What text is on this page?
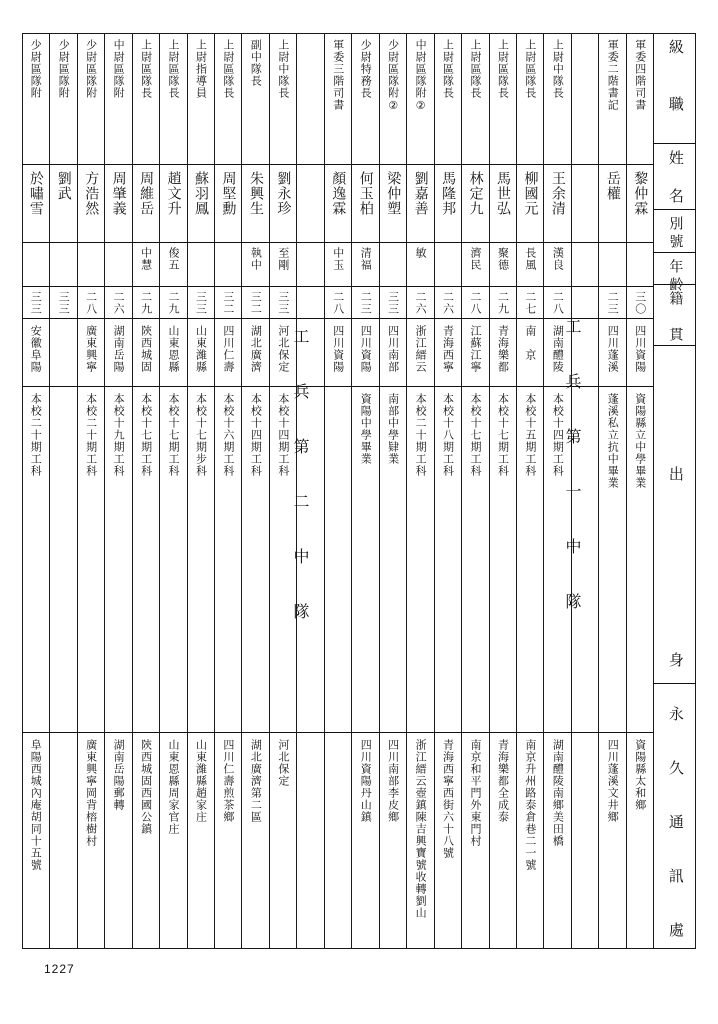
級　　職
姓　名
別號
年齡
籍　貫
出　　　　　身
永　久　通　訊　處
軍委四階司書
黎仲霖
三〇
四川資陽
資陽縣立中學畢業
資陽縣太和鄉
軍委二階書記
岳權
二三
四川蓬溪
蓬溪私立抗中畢業
四川蓬溪文井鄉
上尉中隊長
王余清
漢良
二八
湖南醴陵
本校十四期工科
湖南醴陵南鄉美田橋
上尉區隊長
柳國元
長風
二七
南　京
本校十五期工科
南京升州路泰倉巷二一號
上尉區隊長
馬世弘
聚德
二九
青海樂都
本校十七期工科
青海樂都全成泰
上尉區隊長
林定九
濟民
二八
江蘇江寧
本校十七期工科
南京和平門外東門村
上尉區隊長
馬隆邦
二六
青海西寧
本校十八期工科
青海西寧西街六十八號
中尉區隊附②
劉嘉善
敏
二六
浙江縉云
本校二十期工科
浙江縉云壺鎮陳吉興寶號收轉劉山
少尉區隊附②
梁仲塑
三三
四川南部
南部中學肄業
四川南部李皮鄉
少尉特務長
何玉柏
清福
二三
四川資陽
資陽中學畢業
四川資陽丹山鎮
軍委三階司書
顏逸霖
中玉
二八
四川資陽
上尉中隊長
劉永珍
至剛
三三
河北保定
本校十四期工科
河北保定
副中隊長
朱興生
執中
三二
湖北廣濟
本校十四期工科
湖北廣濟第二區
上尉區隊長
周堅勳
三二
四川仁壽
本校十六期工科
四川仁壽煎茶鄉
上尉指導員
蘇羽鳳
三三
山東濰縣
本校十七期步科
山東濰縣趙家庄
上尉區隊長
趙文升
俊五
二九
山東恩縣
本校十七期工科
山東恩縣周家官庄
上尉區隊長
周維岳
中慧
二九
陝西城固
本校十七期工科
陝西城固西國公鎮
中尉區隊附
周肇義
二六
湖南岳陽
本校十九期工科
湖南岳陽郵轉
少尉區隊附
方浩然
二八
廣東興寧
本校二十期工科
廣東興寧岡背榕樹村
少尉區隊附
劉武
三三
少尉區隊附
於嘯雪
三三
安徽阜陽
本校二十期工科
阜陽西城內庵胡同十五號
工 兵 第 一 中 隊
工 兵 第 二 中 隊
1227
